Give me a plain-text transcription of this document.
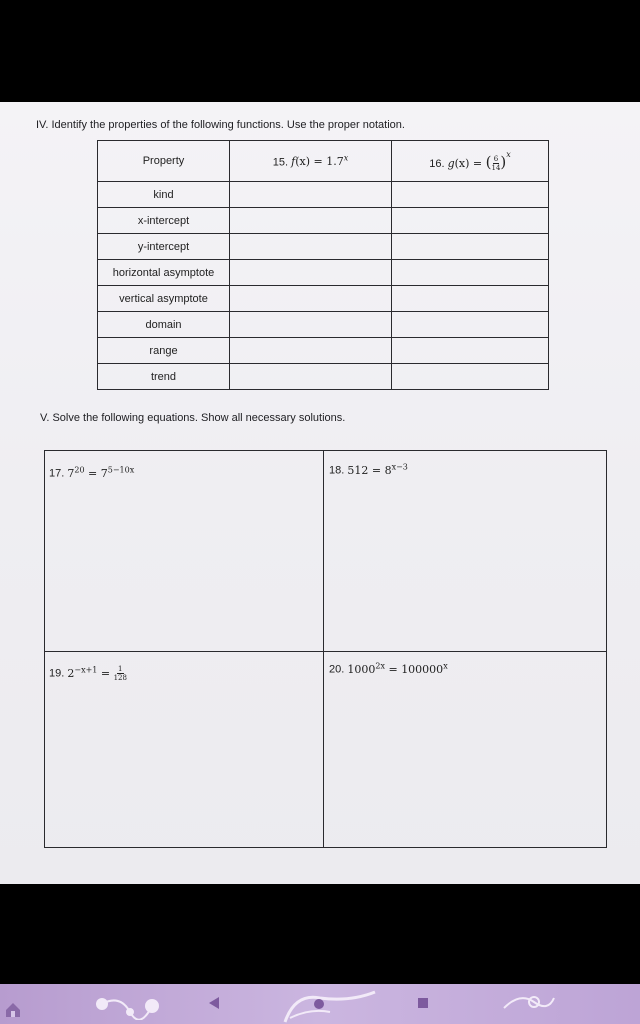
IV. Identify the properties of the following functions. Use the proper notation.
Property	15. $f(x) = 1.7^x$	16. g(x) = ( $\frac{6}{14} )^x$
kind		
x-intercept		
y-intercept		
horizontal asymptote		
vertical asymptote		
domain		
range		
trend		
V. Solve the following equations. Show all necessary solutions.
17. $7^{20} = 7^{5-10x}$	18. $512 = 8^{x-3}$
19. $2^{-x+1} = \frac{1}{128}$	20. $1000^{2x} = 100000^x$
